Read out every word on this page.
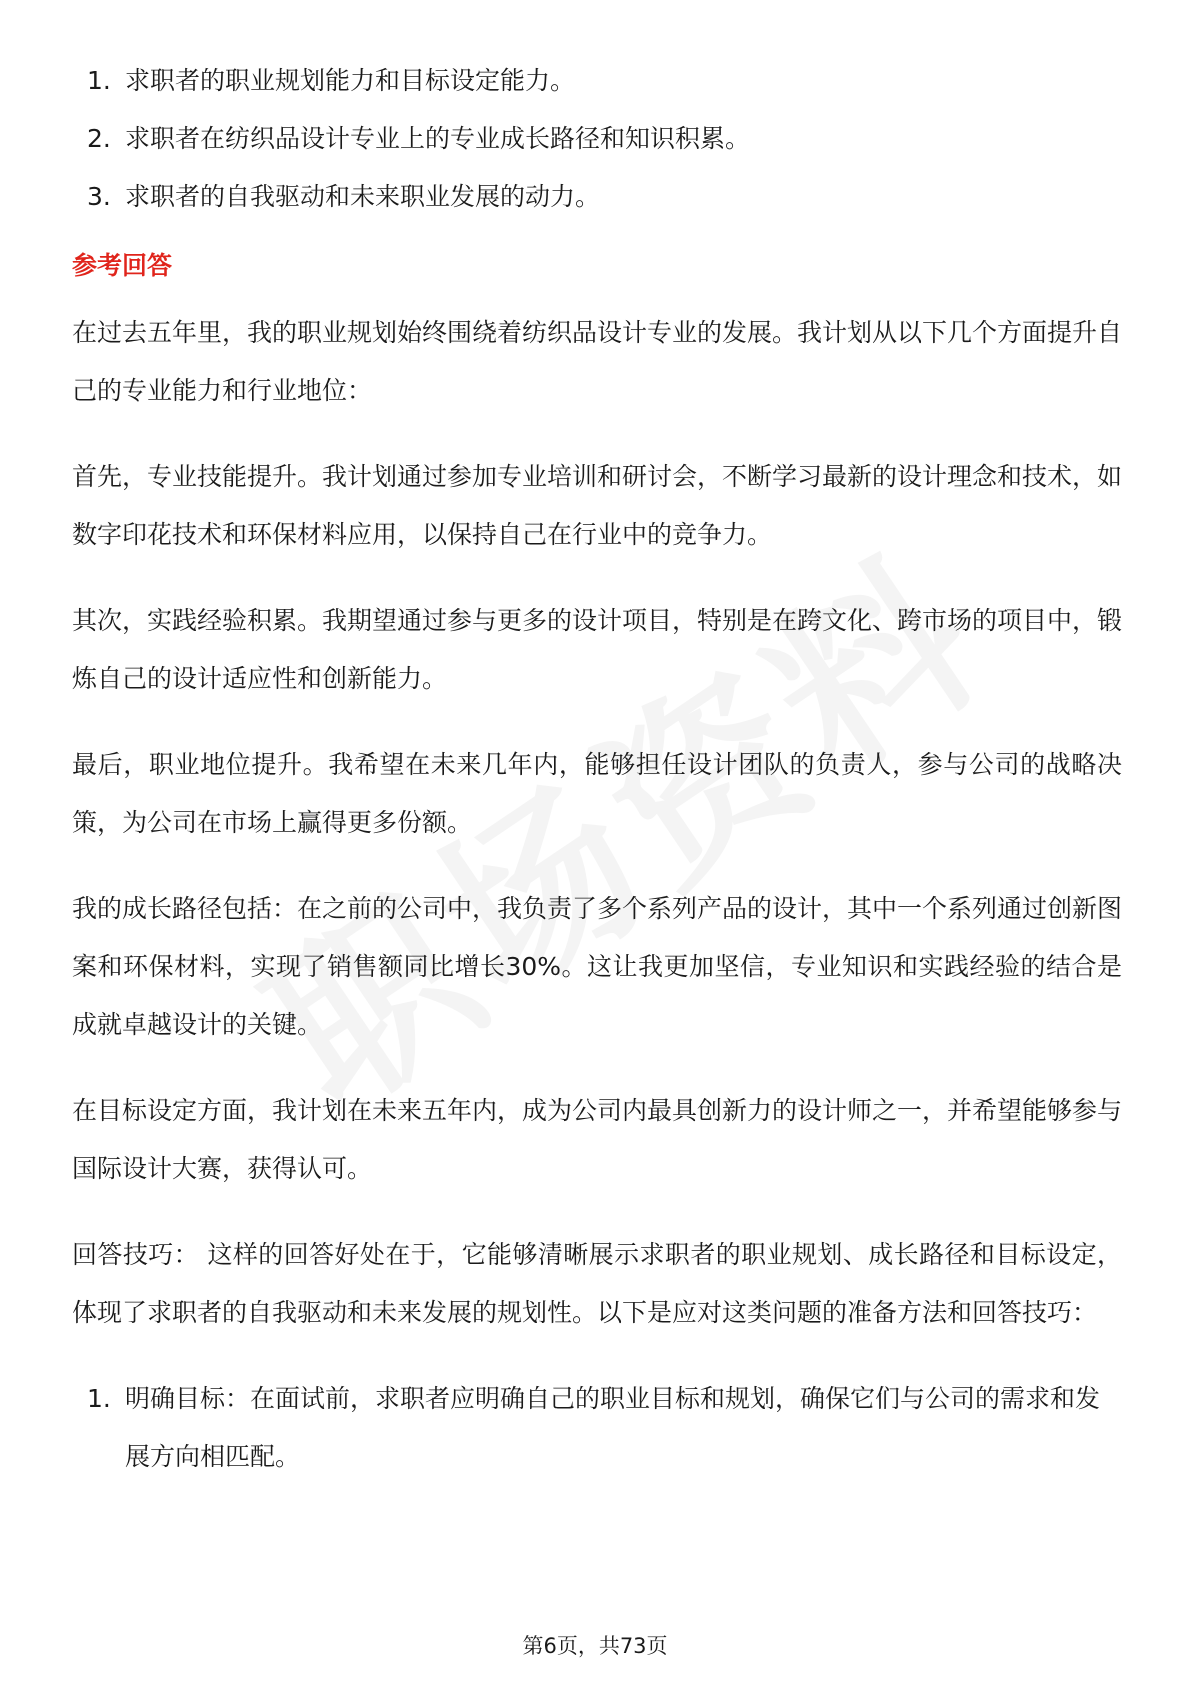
1. 求职者的职业规划能力和目标设定能力。
2. 求职者在纺织品设计专业上的专业成长路径和知识积累。
3. 求职者的自我驱动和未来职业发展的动力。
参考回答

在过去五年里，我的职业规划始终围绕着纺织品设计专业的发展。我计划从以下几个方面提升自己的专业能力和行业地位：

首先，专业技能提升。我计划通过参加专业培训和研讨会，不断学习最新的设计理念和技术，如数字印花技术和环保材料应用，以保持自己在行业中的竞争力。

其次，实践经验积累。我期望通过参与更多的设计项目，特别是在跨文化、跨市场的项目中，锻炼自己的设计适应性和创新能力。

最后，职业地位提升。我希望在未来几年内，能够担任设计团队的负责人，参与公司的战略决策，为公司在市场上赢得更多份额。

我的成长路径包括：在之前的公司中，我负责了多个系列产品的设计，其中一个系列通过创新图案和环保材料，实现了销售额同比增长30%。这让我更加坚信，专业知识和实践经验的结合是成就卓越设计的关键。

在目标设定方面，我计划在未来五年内，成为公司内最具创新力的设计师之一，并希望能够参与国际设计大赛，获得认可。

回答技巧： 这样的回答好处在于，它能够清晰展示求职者的职业规划、成长路径和目标设定，体现了求职者的自我驱动和未来发展的规划性。以下是应对这类问题的准备方法和回答技巧：

1. 明确目标：在面试前，求职者应明确自己的职业目标和规划，确保它们与公司的需求和发展方向相匹配。
第6页，共73页
